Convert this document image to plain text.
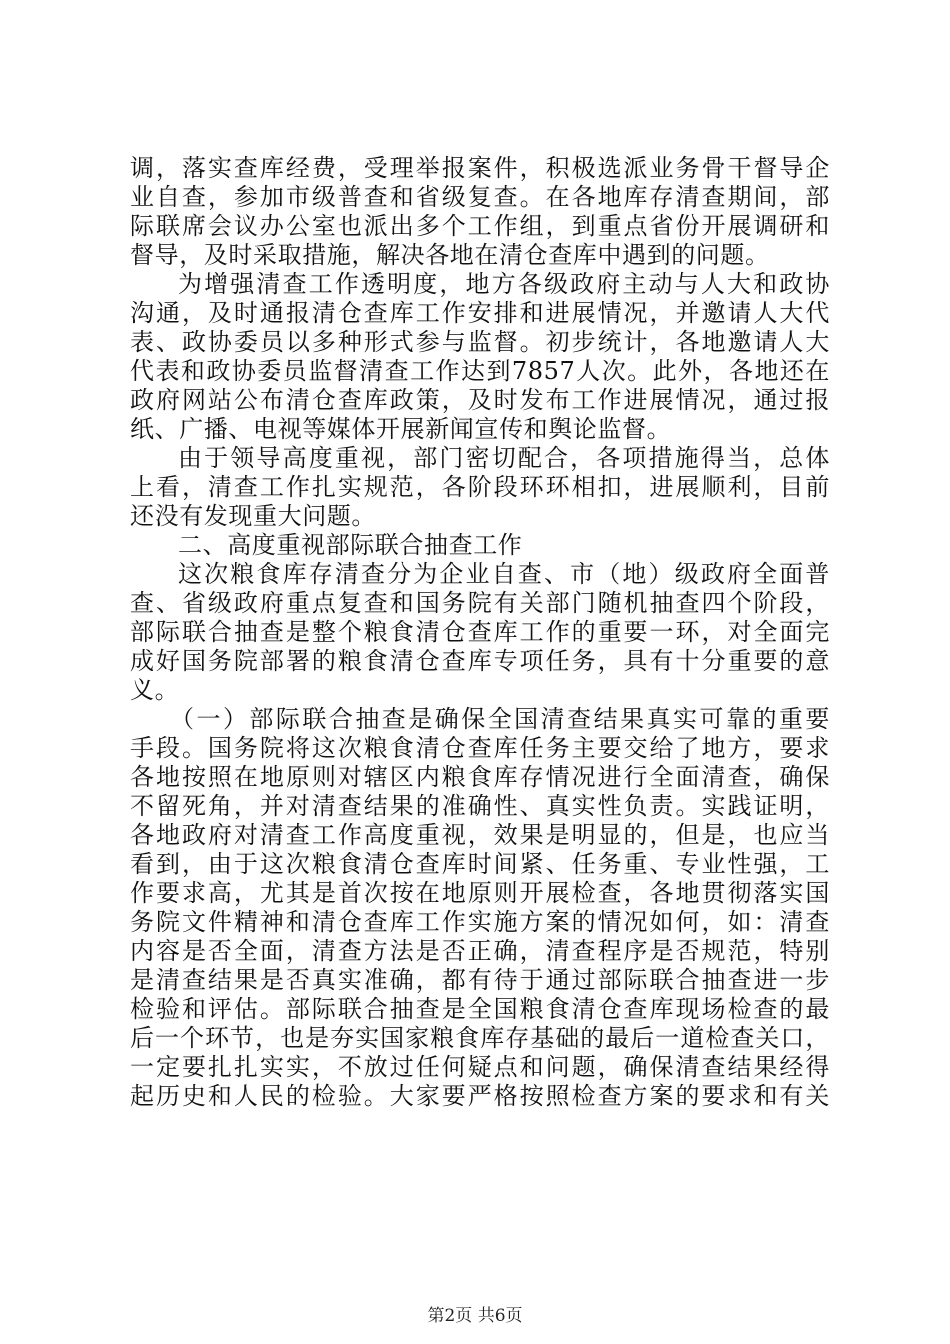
调，落实查库经费，受理举报案件，积极选派业务骨干督导企
业自查，参加市级普查和省级复查。在各地库存清查期间，部
际联席会议办公室也派出多个工作组，到重点省份开展调研和
督导，及时采取措施，解决各地在清仓查库中遇到的问题。
为增强清查工作透明度，地方各级政府主动与人大和政协
沟通，及时通报清仓查库工作安排和进展情况，并邀请人大代
表、政协委员以多种形式参与监督。初步统计，各地邀请人大
代表和政协委员监督清查工作达到7857人次。此外，各地还在
政府网站公布清仓查库政策，及时发布工作进展情况，通过报
纸、广播、电视等媒体开展新闻宣传和舆论监督。
由于领导高度重视，部门密切配合，各项措施得当，总体
上看，清查工作扎实规范，各阶段环环相扣，进展顺利，目前
还没有发现重大问题。
二、高度重视部际联合抽查工作
这次粮食库存清查分为企业自查、市（地）级政府全面普
查、省级政府重点复查和国务院有关部门随机抽查四个阶段，
部际联合抽查是整个粮食清仓查库工作的重要一环，对全面完
成好国务院部署的粮食清仓查库专项任务，具有十分重要的意
义。
（一）部际联合抽查是确保全国清查结果真实可靠的重要
手段。国务院将这次粮食清仓查库任务主要交给了地方，要求
各地按照在地原则对辖区内粮食库存情况进行全面清查，确保
不留死角，并对清查结果的准确性、真实性负责。实践证明，
各地政府对清查工作高度重视，效果是明显的，但是，也应当
看到，由于这次粮食清仓查库时间紧、任务重、专业性强，工
作要求高，尤其是首次按在地原则开展检查，各地贯彻落实国
务院文件精神和清仓查库工作实施方案的情况如何，如：清查
内容是否全面，清查方法是否正确，清查程序是否规范，特别
是清查结果是否真实准确，都有待于通过部际联合抽查进一步
检验和评估。部际联合抽查是全国粮食清仓查库现场检查的最
后一个环节，也是夯实国家粮食库存基础的最后一道检查关口，
一定要扎扎实实，不放过任何疑点和问题，确保清查结果经得
起历史和人民的检验。大家要严格按照检查方案的要求和有关
第2页 共6页
